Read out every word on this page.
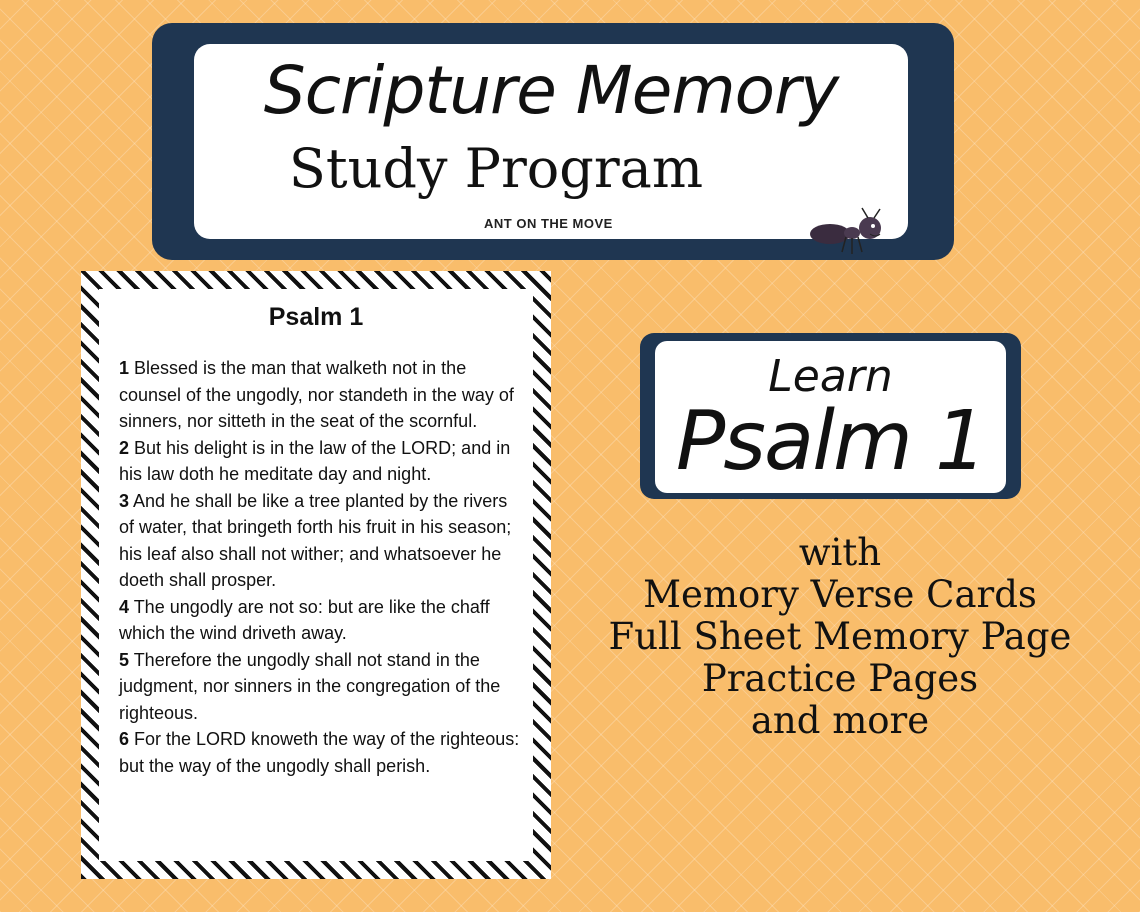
Scripture Memory
Study Program
ANT ON THE MOVE
Psalm 1
1 Blessed is the man that walketh not in the counsel of the ungodly, nor standeth in the way of sinners, nor sitteth in the seat of the scornful.
2 But his delight is in the law of the LORD; and in his law doth he meditate day and night.
3 And he shall be like a tree planted by the rivers of water, that bringeth forth his fruit in his season; his leaf also shall not wither; and whatsoever he doeth shall prosper.
4 The ungodly are not so: but are like the chaff which the wind driveth away.
5 Therefore the ungodly shall not stand in the judgment, nor sinners in the congregation of the righteous.
6 For the LORD knoweth the way of the righteous: but the way of the ungodly shall perish.
Learn
Psalm 1
with
Memory Verse Cards
Full Sheet Memory Page
Practice Pages
and more
